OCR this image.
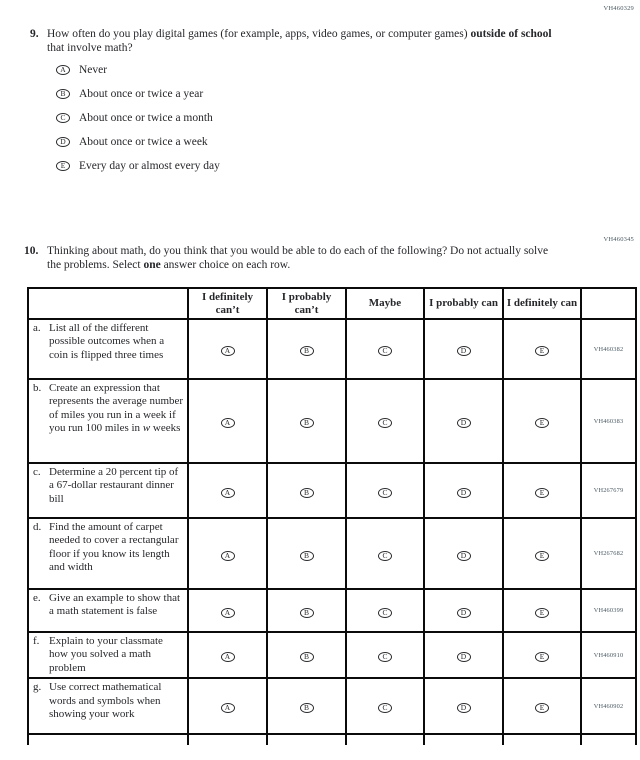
VH460329
VH460345
9. How often do you play digital games (for example, apps, video games, or computer games) outside of school that involve math?
A	Never
B	About once or twice a year
C	About once or twice a month
D	About once or twice a week
E	Every day or almost every day
10. Thinking about math, do you think that you would be able to do each of the following? Do not actually solve the problems. Select one answer choice on each row.
	I definitely can’t	I probably can’t	Maybe	I probably can	I definitely can	

a. List all of the different possible outcomes when a coin is flipped three times	A	B	C	D	E	VH460382

b. Create an expression that represents the average number of miles you run in a week if you run 100 miles in w weeks	A	B	C	D	E	VH460383

c. Determine a 20 percent tip of a 67-dollar restaurant dinner bill	A	B	C	D	E	VH267679

d. Find the amount of carpet needed to cover a rectangular floor if you know its length and width	A	B	C	D	E	VH267682

e. Give an example to show that a math statement is false	A	B	C	D	E	VH460399

f. Explain to your classmate how you solved a math problem	A	B	C	D	E	VH460910

g. Use correct mathematical words and symbols when showing your work	A	B	C	D	E	VH460902
